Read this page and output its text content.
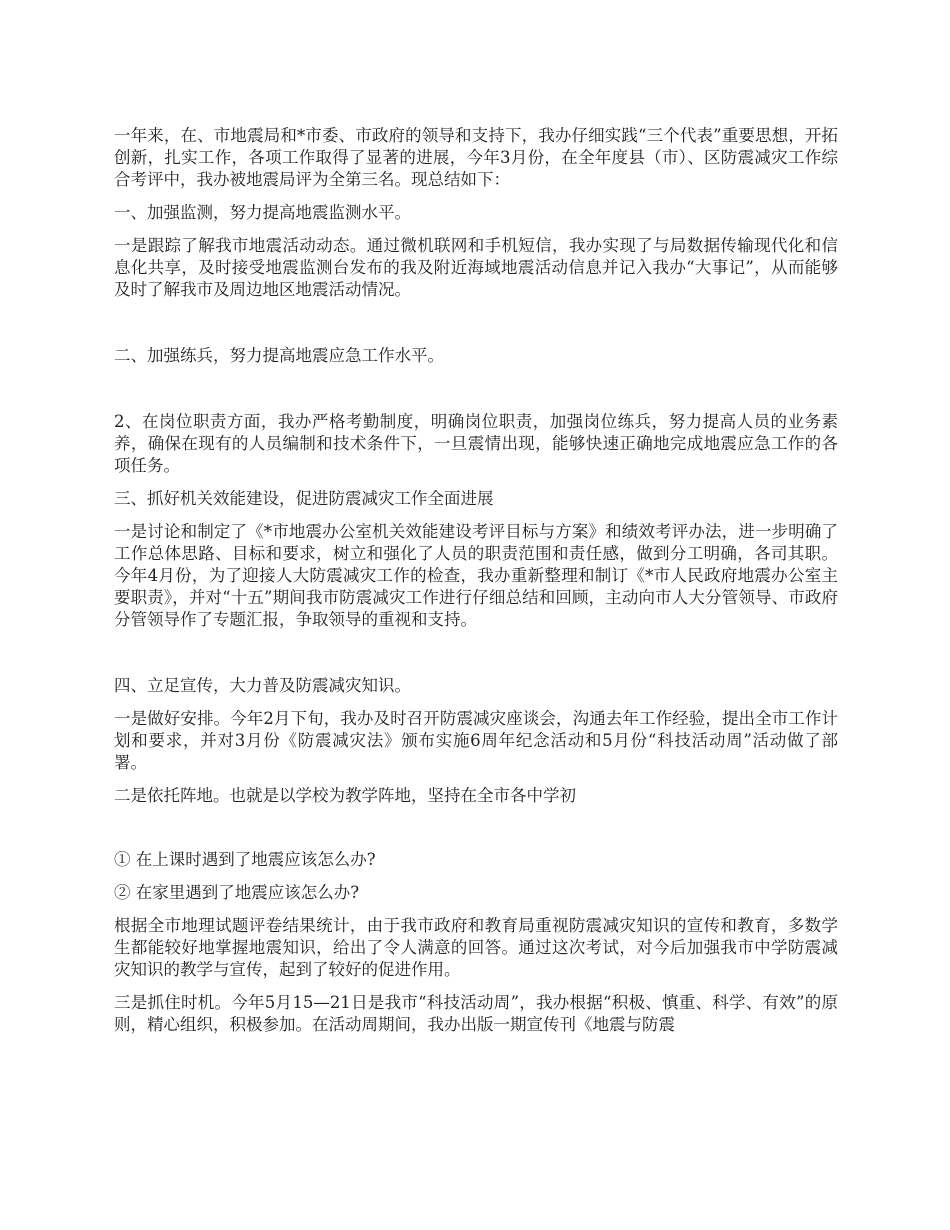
一年来，在、市地震局和*市委、市政府的领导和支持下，我办仔细实践“三个代表”重要思想，开拓创新，扎实工作，各项工作取得了显著的进展，今年3月份，在全年度县（市）、区防震减灾工作综合考评中，我办被地震局评为全第三名。现总结如下：

一、加强监测，努力提高地震监测水平。

一是跟踪了解我市地震活动动态。通过微机联网和手机短信，我办实现了与局数据传输现代化和信息化共享，及时接受地震监测台发布的我及附近海域地震活动信息并记入我办“大事记”，从而能够及时了解我市及周边地区地震活动情况。

二、加强练兵，努力提高地震应急工作水平。

2、在岗位职责方面，我办严格考勤制度，明确岗位职责，加强岗位练兵，努力提高人员的业务素养，确保在现有的人员编制和技术条件下，一旦震情出现，能够快速正确地完成地震应急工作的各项任务。

三、抓好机关效能建设，促进防震减灾工作全面进展

一是讨论和制定了《*市地震办公室机关效能建设考评目标与方案》和绩效考评办法，进一步明确了工作总体思路、目标和要求，树立和强化了人员的职责范围和责任感，做到分工明确，各司其职。今年4月份，为了迎接人大防震减灾工作的检查，我办重新整理和制订《*市人民政府地震办公室主要职责》，并对“十五”期间我市防震减灾工作进行仔细总结和回顾，主动向市人大分管领导、市政府分管领导作了专题汇报，争取领导的重视和支持。

四、立足宣传，大力普及防震减灾知识。

一是做好安排。今年2月下旬，我办及时召开防震减灾座谈会，沟通去年工作经验，提出全市工作计划和要求，并对3月份《防震减灾法》颁布实施6周年纪念活动和5月份“科技活动周”活动做了部署。

二是依托阵地。也就是以学校为教学阵地，坚持在全市各中学初

① 在上课时遇到了地震应该怎么办?

② 在家里遇到了地震应该怎么办?

根据全市地理试题评卷结果统计，由于我市政府和教育局重视防震减灾知识的宣传和教育，多数学生都能较好地掌握地震知识，给出了令人满意的回答。通过这次考试，对今后加强我市中学防震减灾知识的教学与宣传，起到了较好的促进作用。

三是抓住时机。今年5月15—21日是我市“科技活动周”，我办根据“积极、慎重、科学、有效”的原则，精心组织，积极参加。在活动周期间，我办出版一期宣传刊《地震与防震
